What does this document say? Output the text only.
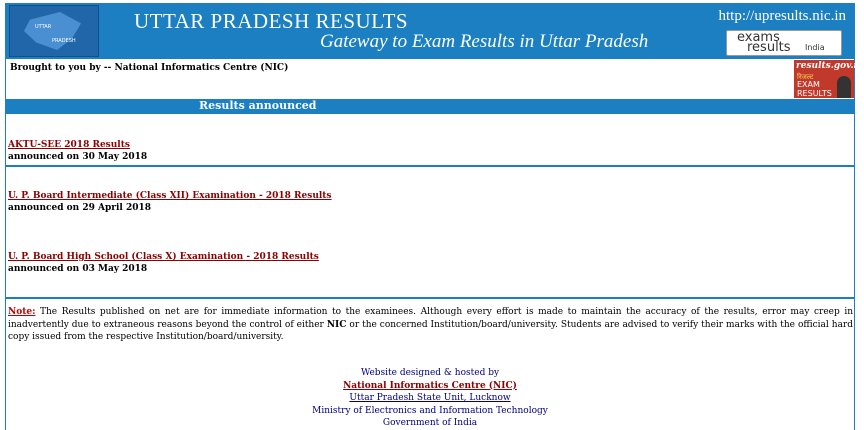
UTTAR
PRADESH
UTTAR PRADESH RESULTS
Gateway to Exam Results in Uttar Pradesh
http://upresults.nic.in
exams
results India
Brought to you by -- National Informatics Centre (NIC)	results.gov.in
रिजल्ट
EXAM
RESULTS
Results announced
AKTU-SEE 2018 Results
announced on 30 May 2018
U. P. Board Intermediate (Class XII) Examination - 2018 Results
announced on 29 April 2018
U. P. Board High School (Class X) Examination - 2018 Results
announced on 03 May 2018
Note: The Results published on net are for immediate information to the examinees. Although every effort is made to maintain the accuracy of the results, error may creep in inadvertently due to extraneous reasons beyond the control of either NIC or the concerned Institution/board/university. Students are advised to verify their marks with the official hard copy issued from the respective Institution/board/university.
Website designed & hosted by
National Informatics Centre (NIC)
Uttar Pradesh State Unit, Lucknow
Ministry of Electronics and Information Technology
Government of India
